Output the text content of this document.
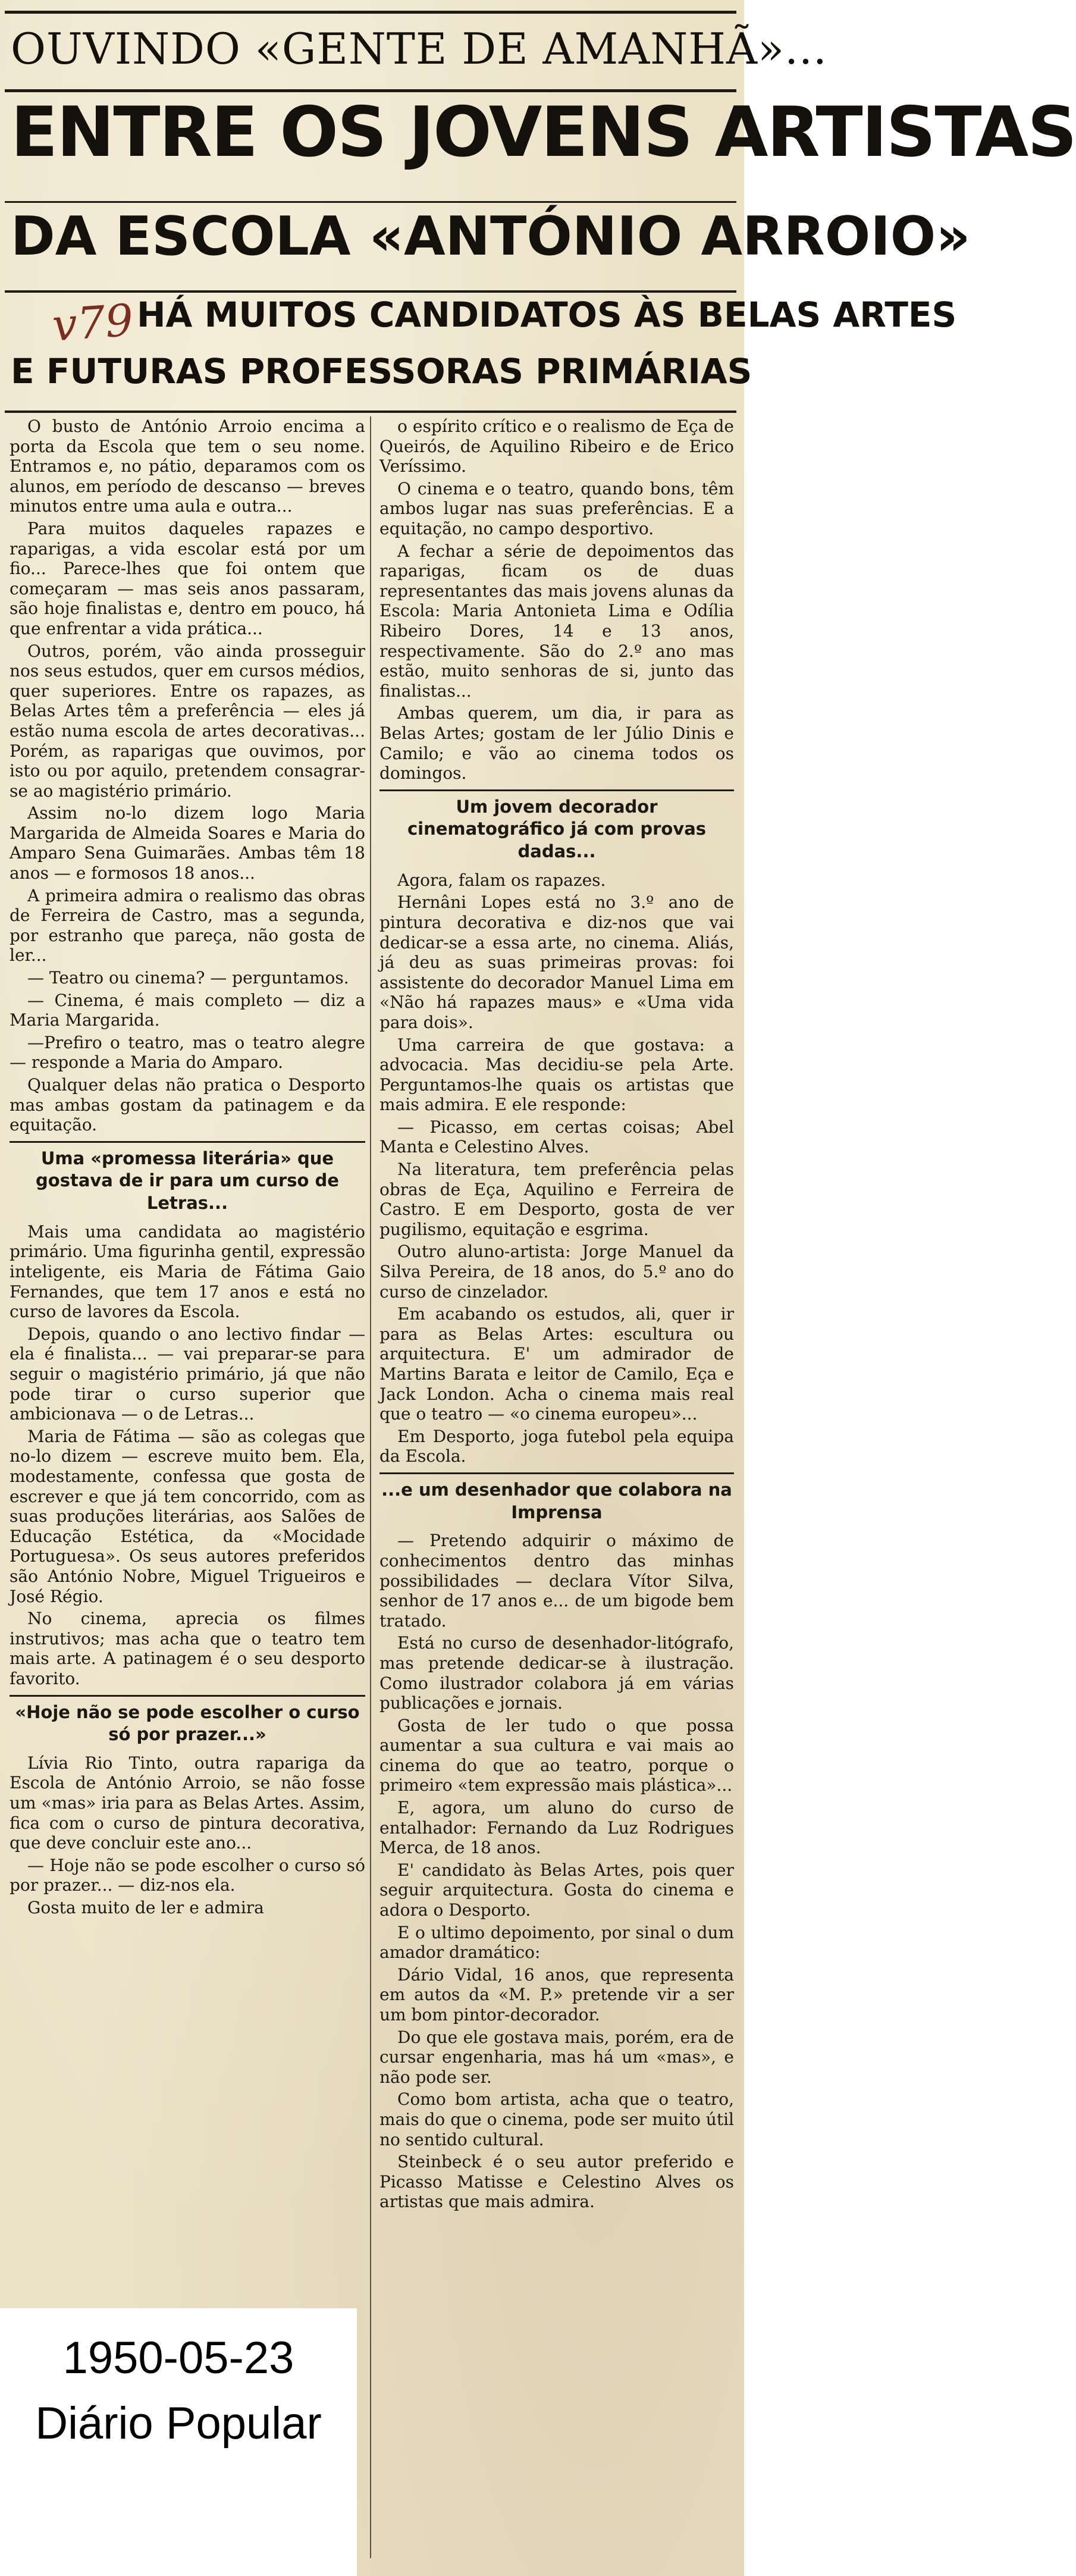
OUVINDO «GENTE DE AMANHÃ»...
ENTRE OS JOVENS ARTISTAS
DA ESCOLA «ANTÓNIO ARROIO»
v79 HÁ MUITOS CANDIDATOS ÀS BELAS ARTES
E FUTURAS PROFESSORAS PRIMÁRIAS

O busto de António Arroio encima a porta da Escola que tem o seu nome. Entramos e, no pátio, deparamos com os alunos, em período de descanso — breves minutos entre uma aula e outra...

Para muitos daqueles rapazes e raparigas, a vida escolar está por um fio... Parece-lhes que foi ontem que começaram — mas seis anos passaram, são hoje finalistas e, dentro em pouco, há que enfrentar a vida prática...

Outros, porém, vão ainda prosseguir nos seus estudos, quer em cursos médios, quer superiores. Entre os rapazes, as Belas Artes têm a preferência — eles já estão numa escola de artes decorativas... Porém, as raparigas que ouvimos, por isto ou por aquilo, pretendem consagrar-se ao magistério primário.

Assim no-lo dizem logo Maria Margarida de Almeida Soares e Maria do Amparo Sena Guimarães. Ambas têm 18 anos — e formosos 18 anos...

A primeira admira o realismo das obras de Ferreira de Castro, mas a segunda, por estranho que pareça, não gosta de ler...

— Teatro ou cinema? — perguntamos.

— Cinema, é mais completo — diz a Maria Margarida.

—Prefiro o teatro, mas o teatro alegre — responde a Maria do Amparo.

Qualquer delas não pratica o Desporto mas ambas gostam da patinagem e da equitação.

Uma «promessa literária» que gostava de ir para um curso de Letras...

Mais uma candidata ao magistério primário. Uma figurinha gentil, expressão inteligente, eis Maria de Fátima Gaio Fernandes, que tem 17 anos e está no curso de lavores da Escola.

Depois, quando o ano lectivo findar — ela é finalista... — vai preparar-se para seguir o magistério primário, já que não pode tirar o curso superior que ambicionava — o de Letras...

Maria de Fátima — são as colegas que no-lo dizem — escreve muito bem. Ela, modestamente, confessa que gosta de escrever e que já tem concorrido, com as suas produções literárias, aos Salões de Educação Estética, da «Mocidade Portuguesa». Os seus autores preferidos são António Nobre, Miguel Trigueiros e José Régio.

No cinema, aprecia os filmes instrutivos; mas acha que o teatro tem mais arte. A patinagem é o seu desporto favorito.

«Hoje não se pode escolher o curso só por prazer...»

Lívia Rio Tinto, outra rapariga da Escola de António Arroio, se não fosse um «mas» iria para as Belas Artes. Assim, fica com o curso de pintura decorativa, que deve concluir este ano...

— Hoje não se pode escolher o curso só por prazer... — diz-nos ela.

Gosta muito de ler e admira

o espírito crítico e o realismo de Eça de Queirós, de Aquilino Ribeiro e de Erico Veríssimo.

O cinema e o teatro, quando bons, têm ambos lugar nas suas preferências. E a equitação, no campo desportivo.

A fechar a série de depoimentos das raparigas, ficam os de duas representantes das mais jovens alunas da Escola: Maria Antonieta Lima e Odília Ribeiro Dores, 14 e 13 anos, respectivamente. São do 2.º ano mas estão, muito senhoras de si, junto das finalistas...

Ambas querem, um dia, ir para as Belas Artes; gostam de ler Júlio Dinis e Camilo; e vão ao cinema todos os domingos.

Um jovem decorador cinematográfico já com provas dadas...

Agora, falam os rapazes.

Hernâni Lopes está no 3.º ano de pintura decorativa e diz-nos que vai dedicar-se a essa arte, no cinema. Aliás, já deu as suas primeiras provas: foi assistente do decorador Manuel Lima em «Não há rapazes maus» e «Uma vida para dois».

Uma carreira de que gostava: a advocacia. Mas decidiu-se pela Arte. Perguntamos-lhe quais os artistas que mais admira. E ele responde:

— Picasso, em certas coisas; Abel Manta e Celestino Alves.

Na literatura, tem preferência pelas obras de Eça, Aquilino e Ferreira de Castro. E em Desporto, gosta de ver pugilismo, equitação e esgrima.

Outro aluno-artista: Jorge Manuel da Silva Pereira, de 18 anos, do 5.º ano do curso de cinzelador.

Em acabando os estudos, ali, quer ir para as Belas Artes: escultura ou arquitectura. E' um admirador de Martins Barata e leitor de Camilo, Eça e Jack London. Acha o cinema mais real que o teatro — «o cinema europeu»...

Em Desporto, joga futebol pela equipa da Escola.

...e um desenhador que colabora na Imprensa

— Pretendo adquirir o máximo de conhecimentos dentro das minhas possibilidades — declara Vítor Silva, senhor de 17 anos e... de um bigode bem tratado.

Está no curso de desenhador-litógrafo, mas pretende dedicar-se à ilustração. Como ilustrador colabora já em várias publicações e jornais.

Gosta de ler tudo o que possa aumentar a sua cultura e vai mais ao cinema do que ao teatro, porque o primeiro «tem expressão mais plástica»...

E, agora, um aluno do curso de entalhador: Fernando da Luz Rodrigues Merca, de 18 anos.

E' candidato às Belas Artes, pois quer seguir arquitectura. Gosta do cinema e adora o Desporto.

E o ultimo depoimento, por sinal o dum amador dramático:

Dário Vidal, 16 anos, que representa em autos da «M. P.» pretende vir a ser um bom pintor-decorador.

Do que ele gostava mais, porém, era de cursar engenharia, mas há um «mas», e não pode ser.

Como bom artista, acha que o teatro, mais do que o cinema, pode ser muito útil no sentido cultural.

Steinbeck é o seu autor preferido e Picasso Matisse e Celestino Alves os artistas que mais admira.

1950-05-23
Diário Popular
